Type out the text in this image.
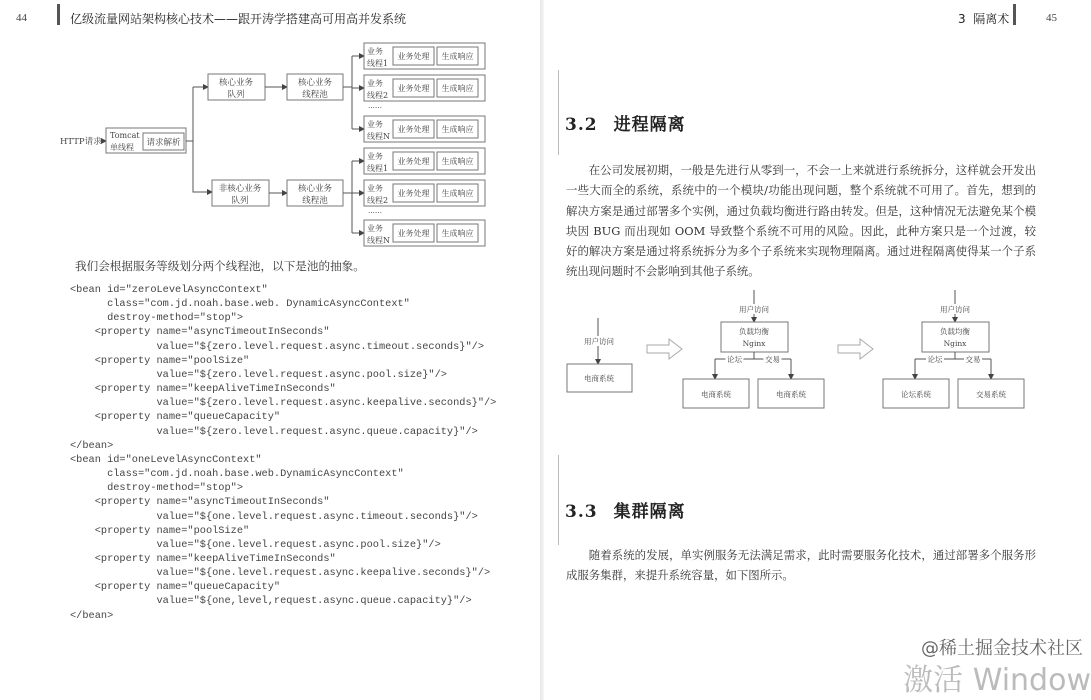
44	亿级流量网站架构核心技术——跟开涛学搭建高可用高并发系统
HTTP请求
Tomcat
单线程 请求解析
核心业务
队列
核心业务
线程池
业务
线程1
业务处理 生成响应
业务
线程2
业务处理 生成响应
业务
线程N
业务处理 生成响应
……
非核心业务
队列
核心业务
线程池
业务
线程1
业务处理 生成响应
业务
线程2
业务处理 生成响应
业务
线程N
业务处理 生成响应
……
我们会根据服务等级划分两个线程池，以下是池的抽象。
<bean id="zeroLevelAsyncContext"
class="com.jd.noah.base.web. DynamicAsyncContext"
destroy-method="stop">
<property name="asyncTimeoutInSeconds"
value="${zero.level.request.async.timeout.seconds}"/>
<property name="poolSize"
value="${zero.level.request.async.pool.size}"/>
<property name="keepAliveTimeInSeconds"
value="${zero.level.request.async.keepalive.seconds}"/>
<property name="queueCapacity"
value="${zero.level.request.async.queue.capacity}"/>
</bean>
<bean id="oneLevelAsyncContext"
class="com.jd.noah.base.web.DynamicAsyncContext"
destroy-method="stop">
<property name="asyncTimeoutInSeconds"
value="${one.level.request.async.timeout.seconds}"/>
<property name="poolSize"
value="${one.level.request.async.pool.size}"/>
<property name="keepAliveTimeInSeconds"
value="${one.level.request.async.keepalive.seconds}"/>
<property name="queueCapacity"
value="${one,level,request.async.queue.capacity}"/>
</bean>
3 隔离术	45
3.2 进程隔离

在公司发展初期，一般是先进行从零到一，不会一上来就进行系统拆分，这样就会开发出一些大而全的系统，系统中的一个模块/功能出现问题，整个系统就不可用了。首先，想到的解决方案是通过部署多个实例，通过负载均衡进行路由转发。但是，这种情况无法避免某个模块因 BUG 而出现如 OOM 导致整个系统不可用的风险。因此，此种方案只是一个过渡，较好的解决方案是通过将系统拆分为多个子系统来实现物理隔离。通过进程隔离使得某一个子系统出现问题时不会影响到其他子系统。

用户访问
电商系统
用户访问
负载均衡
Nginx
论坛	交易
电商系统	电商系统
用户访问
负载均衡
Nginx
论坛	交易
论坛系统	交易系统
3.3 集群隔离

随着系统的发展，单实例服务无法满足需求，此时需要服务化技术，通过部署多个服务形成服务集群，来提升系统容量，如下图所示。

@稀土掘金技术社区
激活 Window
